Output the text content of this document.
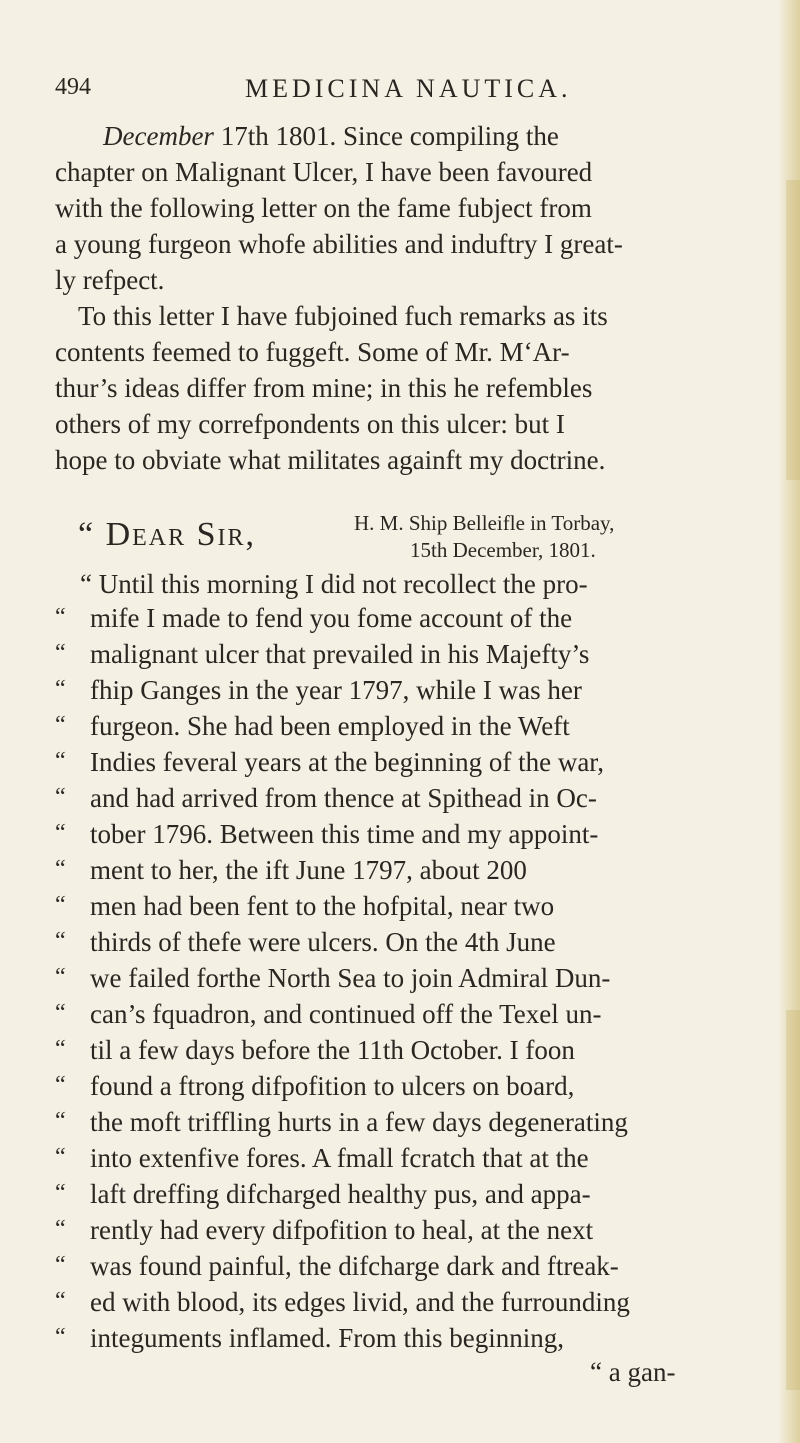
494	MEDICINA NAUTICA.
December 17th 1801. Since compiling the
chapter on Malignant Ulcer, I have been favoured
with the following letter on the fame fubject from
a young furgeon whofe abilities and induftry I great-
ly refpect.
To this letter I have fubjoined fuch remarks as its
contents feemed to fuggeft. Some of Mr. M‘Ar-
thur’s ideas differ from mine; in this he refembles
others of my correfpondents on this ulcer: but I
hope to obviate what militates againft my doctrine.
“ Dear Sir,	H. M. Ship Belleifle in Torbay,
15th December, 1801.
“ Until this morning I did not recollect the pro-
“ mife I made to fend you fome account of the
“ malignant ulcer that prevailed in his Majefty’s
“ fhip Ganges in the year 1797, while I was her
“ furgeon. She had been employed in the Weft
“ Indies feveral years at the beginning of the war,
“ and had arrived from thence at Spithead in Oc-
“ tober 1796. Between this time and my appoint-
“ ment to her, the ift June 1797, about 200
“ men had been fent to the hofpital, near two
“ thirds of thefe were ulcers. On the 4th June
“ we failed forthe North Sea to join Admiral Dun-
“ can’s fquadron, and continued off the Texel un-
“ til a few days before the 11th October. I foon
“ found a ftrong difpofition to ulcers on board,
“ the moft triffling hurts in a few days degenerating
“ into extenfive fores. A fmall fcratch that at the
“ laft dreffing difcharged healthy pus, and appa-
“ rently had every difpofition to heal, at the next
“ was found painful, the difcharge dark and ftreak-
“ ed with blood, its edges livid, and the furrounding
“ integuments inflamed. From this beginning,
“ a gan-
